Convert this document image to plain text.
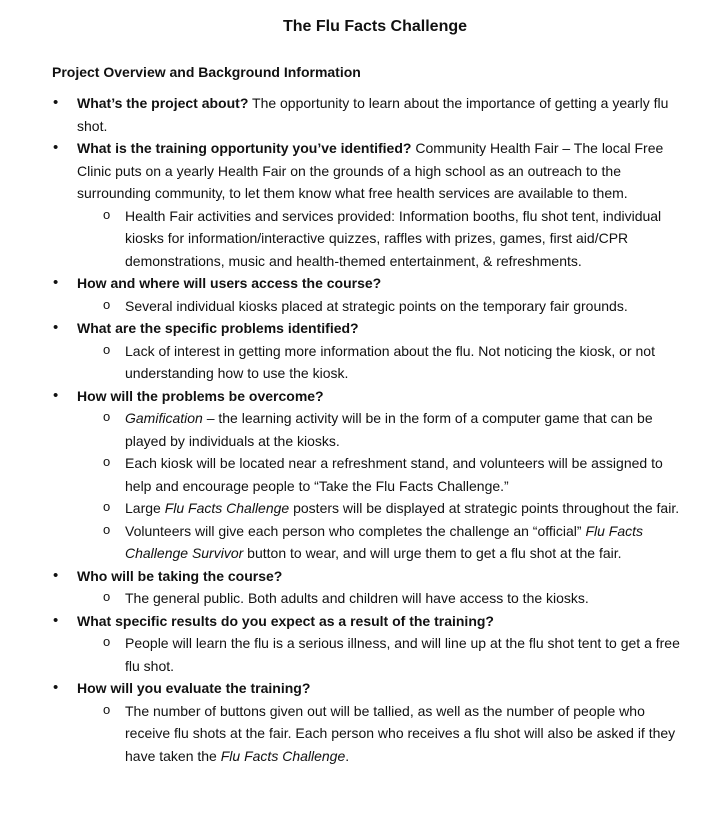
The Flu Facts Challenge

Project Overview and Background Information

• What’s the project about? The opportunity to learn about the importance of getting a yearly flu shot.
• What is the training opportunity you’ve identified? Community Health Fair – The local Free Clinic puts on a yearly Health Fair on the grounds of a high school as an outreach to the surrounding community, to let them know what free health services are available to them.
o Health Fair activities and services provided: Information booths, flu shot tent, individual kiosks for information/interactive quizzes, raffles with prizes, games, first aid/CPR demonstrations, music and health-themed entertainment, & refreshments.
• How and where will users access the course?
o Several individual kiosks placed at strategic points on the temporary fair grounds.
• What are the specific problems identified?
o Lack of interest in getting more information about the flu. Not noticing the kiosk, or not understanding how to use the kiosk.
• How will the problems be overcome?
o Gamification – the learning activity will be in the form of a computer game that can be played by individuals at the kiosks.
o Each kiosk will be located near a refreshment stand, and volunteers will be assigned to help and encourage people to “Take the Flu Facts Challenge.”
o Large Flu Facts Challenge posters will be displayed at strategic points throughout the fair.
o Volunteers will give each person who completes the challenge an “official” Flu Facts Challenge Survivor button to wear, and will urge them to get a flu shot at the fair.
• Who will be taking the course?
o The general public. Both adults and children will have access to the kiosks.
• What specific results do you expect as a result of the training?
o People will learn the flu is a serious illness, and will line up at the flu shot tent to get a free flu shot.
• How will you evaluate the training?
o The number of buttons given out will be tallied, as well as the number of people who receive flu shots at the fair. Each person who receives a flu shot will also be asked if they have taken the Flu Facts Challenge.
